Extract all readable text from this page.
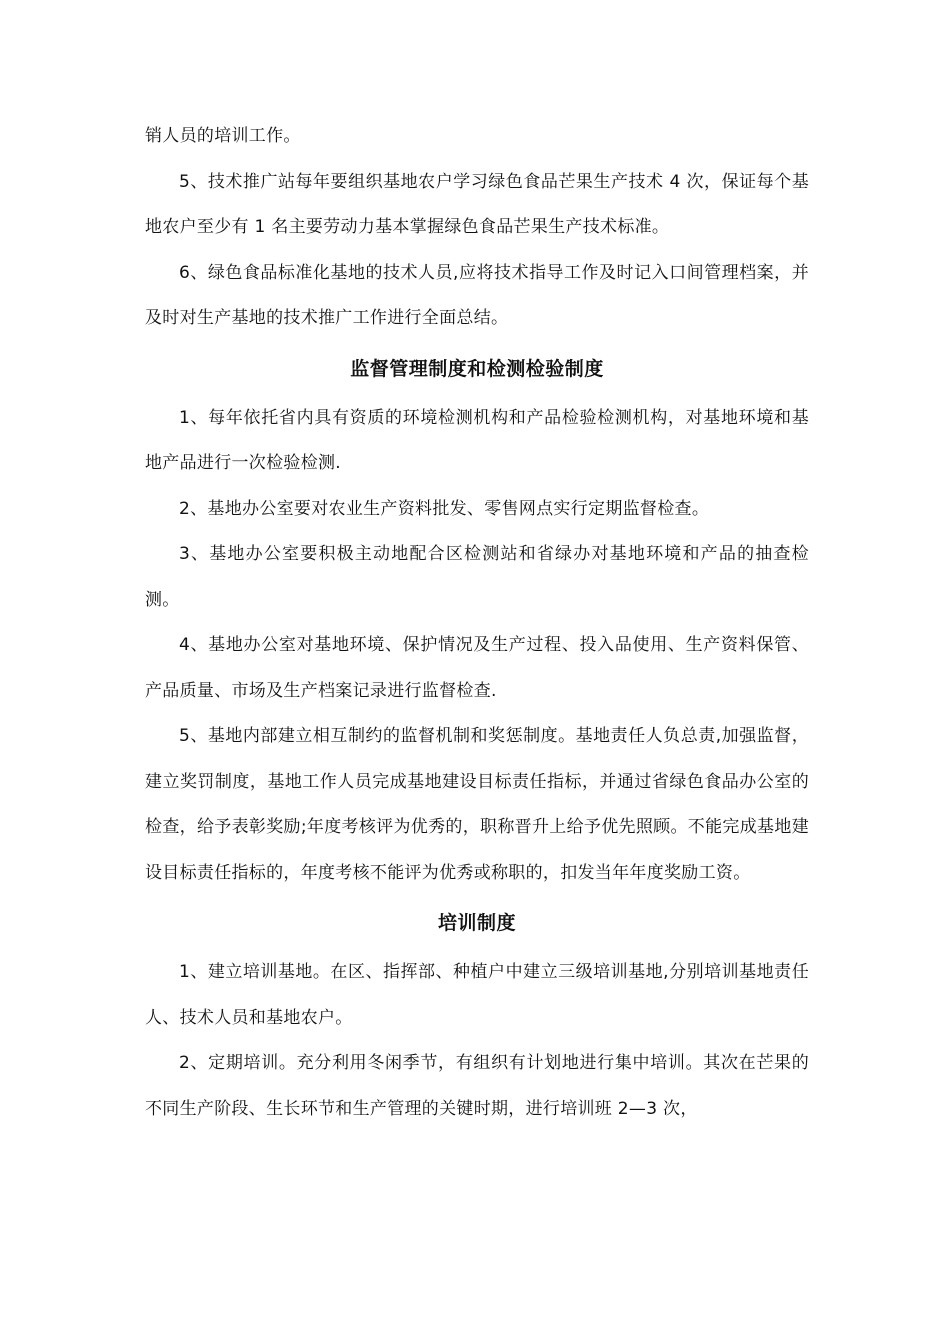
销人员的培训工作。

5、技术推广站每年要组织基地农户学习绿色食品芒果生产技术 4 次，保证每个基地农户至少有 1 名主要劳动力基本掌握绿色食品芒果生产技术标准。

6、绿色食品标准化基地的技术人员,应将技术指导工作及时记入口间管理档案，并及时对生产基地的技术推广工作进行全面总结。

监督管理制度和检测检验制度

1、每年依托省内具有资质的环境检测机构和产品检验检测机构，对基地环境和基地产品进行一次检验检测.

2、基地办公室要对农业生产资料批发、零售网点实行定期监督检查。

3、基地办公室要积极主动地配合区检测站和省绿办对基地环境和产品的抽查检测。

4、基地办公室对基地环境、保护情况及生产过程、投入品使用、生产资料保管、产品质量、市场及生产档案记录进行监督检查.

5、基地内部建立相互制约的监督机制和奖惩制度。基地责任人负总责,加强监督，建立奖罚制度，基地工作人员完成基地建设目标责任指标，并通过省绿色食品办公室的检查，给予表彰奖励;年度考核评为优秀的，职称晋升上给予优先照顾。不能完成基地建设目标责任指标的，年度考核不能评为优秀或称职的，扣发当年年度奖励工资。

培训制度

1、建立培训基地。在区、指挥部、种植户中建立三级培训基地,分别培训基地责任人、技术人员和基地农户。

2、定期培训。充分利用冬闲季节，有组织有计划地进行集中培训。其次在芒果的不同生产阶段、生长环节和生产管理的关键时期，进行培训班 2—3 次，
